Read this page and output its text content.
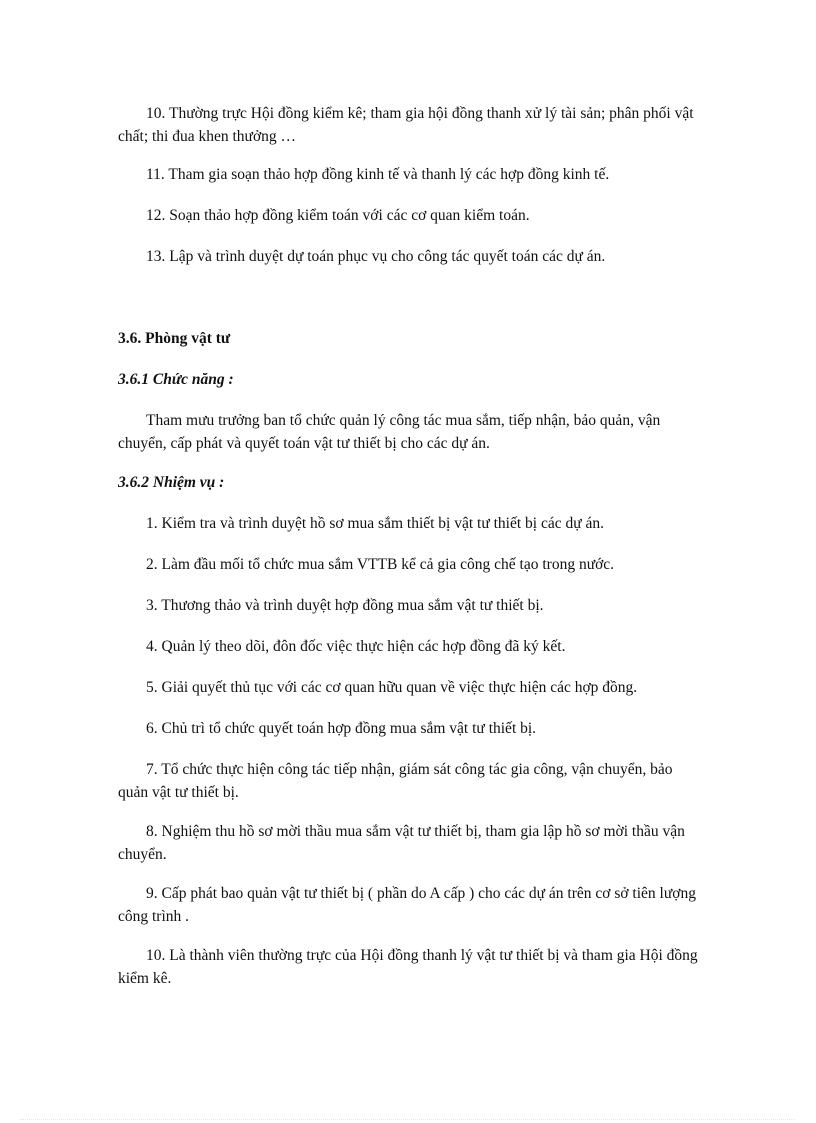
10. Thường trực Hội đồng kiểm kê; tham gia hội đồng thanh xử lý tài sản; phân phối vật chất; thi đua khen thưởng …

11. Tham gia soạn thảo hợp đồng kinh tế và thanh lý các hợp đồng kinh tế.

12. Soạn thảo hợp đồng kiểm toán với các cơ quan kiểm toán.

13. Lập và trình duyệt dự toán phục vụ cho công tác quyết toán các dự án.

3.6. Phòng vật tư

3.6.1 Chức năng :

Tham mưu trưởng ban tổ chức quản lý công tác mua sắm, tiếp nhận, bảo quản, vận chuyển, cấp phát và quyết toán vật tư thiết bị cho các dự án.

3.6.2 Nhiệm vụ :

1. Kiểm tra và trình duyệt hồ sơ mua sắm thiết bị vật tư thiết bị các dự án.

2. Làm đầu mối tổ chức mua sắm VTTB kể cả gia công chế tạo trong nước.

3. Thương thảo và trình duyệt hợp đồng mua sắm vật tư thiết bị.

4. Quản lý theo dõi, đôn đốc việc thực hiện các hợp đồng đã ký kết.

5. Giải quyết thủ tục với các cơ quan hữu quan về việc thực hiện các hợp đồng.

6. Chủ trì tổ chức quyết toán hợp đồng mua sắm vật tư thiết bị.

7. Tổ chức thực hiện công tác tiếp nhận, giám sát công tác gia công, vận chuyển, bảo quản vật tư thiết bị.

8. Nghiệm thu hồ sơ mời thầu mua sắm vật tư thiết bị, tham gia lập hồ sơ mời thầu vận chuyển.

9. Cấp phát bao quản vật tư thiết bị ( phần do A cấp ) cho các dự án trên cơ sở tiên lượng công trình .

10. Là thành viên thường trực của Hội đồng thanh lý vật tư thiết bị và tham gia Hội đồng kiểm kê.
